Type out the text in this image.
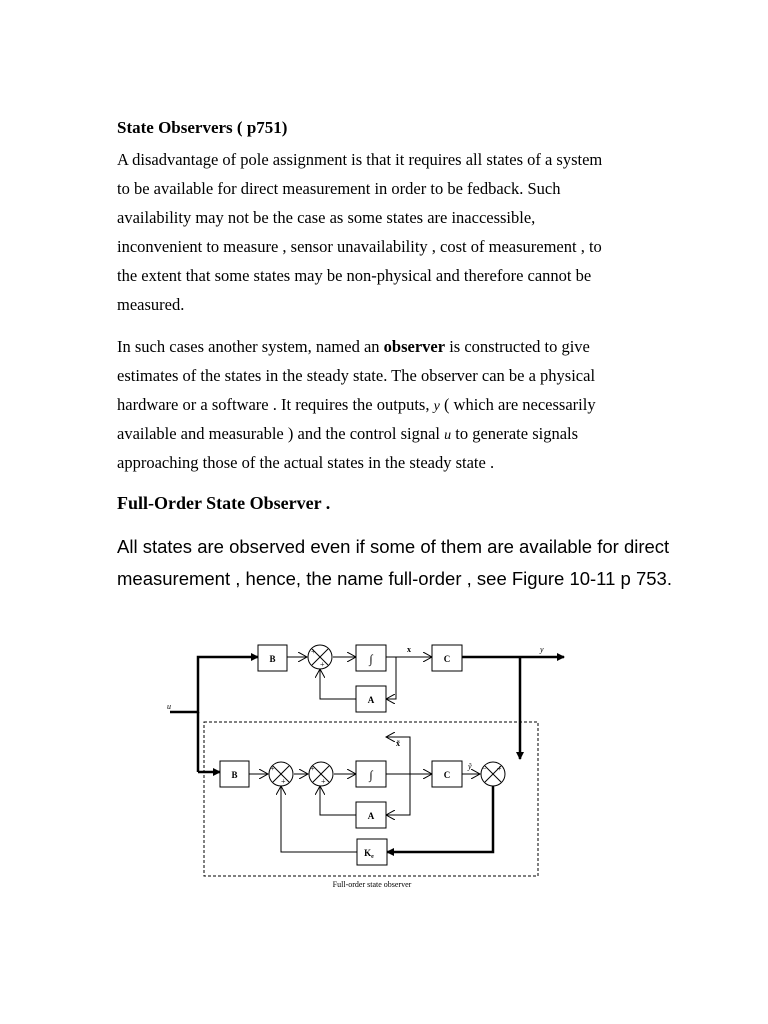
State Observers ( p751)
A disadvantage of pole assignment is that it requires all states of a system
to be available for direct measurement in order to be fedback. Such
availability may not be the case as some states are inaccessible,
inconvenient to measure , sensor unavailability , cost of measurement , to
the extent that some states may be non-physical and therefore cannot be
measured.
In such cases another system, named an observer is constructed to give
estimates of the states in the steady state. The observer can be a physical
hardware or a software . It requires the outputs, y ( which are necessarily
available and measurable ) and the control signal u to generate signals
approaching those of the actual states in the steady state .
Full-Order State Observer .
All states are observed even if some of them are available for direct
measurement , hence, the name full-order , see Figure 10-11 p 753.
B
+
+	∫	C
A
x	y
u
B
+
+
+
+	∫	C
A
− +
$K_e$
x̃
ỹ
Full-order state observer
